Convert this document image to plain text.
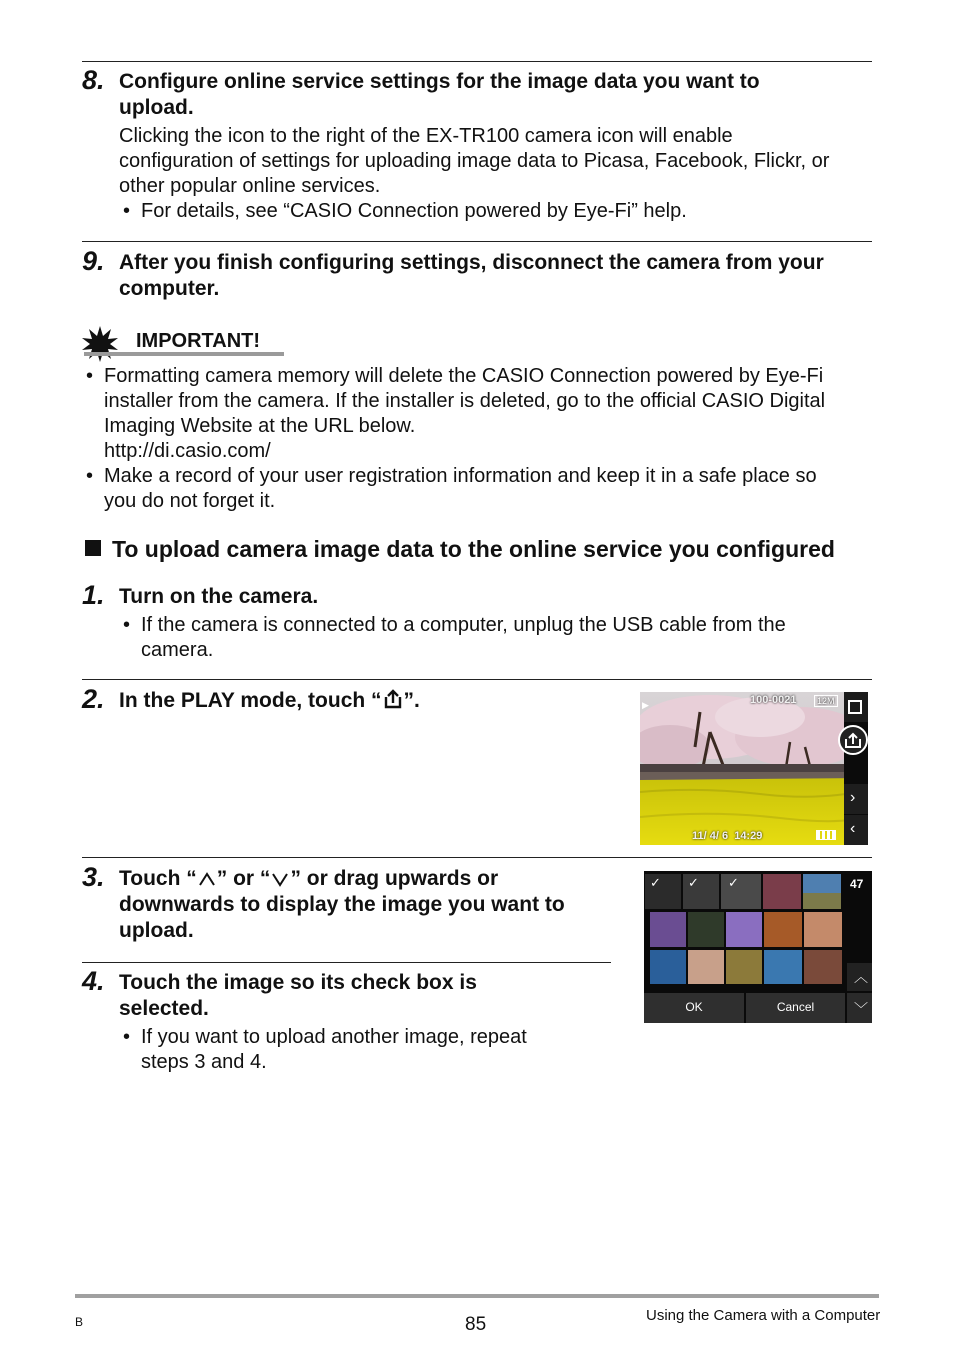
8. Configure online service settings for the image data you want to
upload.
Clicking the icon to the right of the EX-TR100 camera icon will enable
configuration of settings for uploading image data to Picasa, Facebook, Flickr, or
other popular online services.
• For details, see “CASIO Connection powered by Eye-Fi” help.
9. After you finish configuring settings, disconnect the camera from your
computer.
IMPORTANT!
• Formatting camera memory will delete the CASIO Connection powered by Eye-Fi
installer from the camera. If the installer is deleted, go to the official CASIO Digital
Imaging Website at the URL below.
http://di.casio.com/
• Make a record of your user registration information and keep it in a safe place so
you do not forget it.
To upload camera image data to the online service you configured
1. Turn on the camera.
• If the camera is connected to a computer, unplug the USB cable from the
camera.
2. In the PLAY mode, touch “ ”.	▶	100-0021	12M
›
‹
11/ 4/ 6  14:29
3. Touch “ ” or “ ” or drag upwards or
downwards to display the image you want to
upload.
✓ ✓ ✓	47
︿
﹀
OK	Cancel
4. Touch the image so its check box is
selected.
• If you want to upload another image, repeat
steps 3 and 4.
B	85	Using the Camera with a Computer
